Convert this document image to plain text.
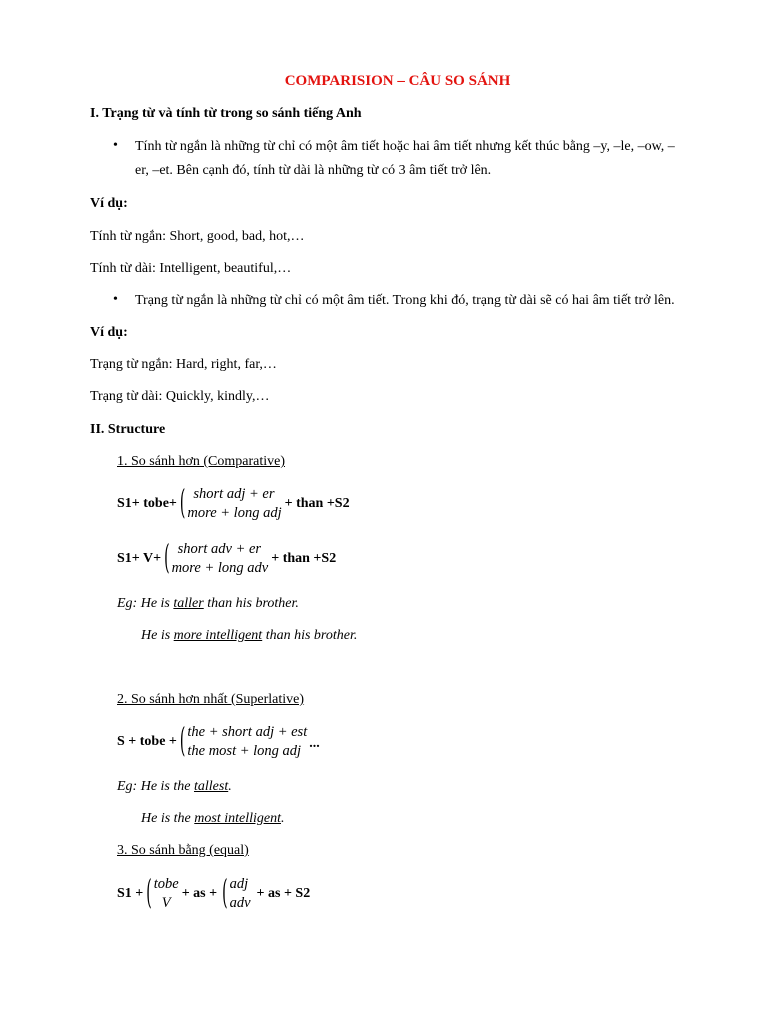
COMPARISION – CÂU SO SÁNH
I. Trạng từ và tính từ trong so sánh tiếng Anh
• Tính từ ngắn là những từ chỉ có một âm tiết hoặc hai âm tiết nhưng kết thúc bằng –y, –le, –ow, –
er, –et. Bên cạnh đó, tính từ dài là những từ có 3 âm tiết trở lên.
Ví dụ:
Tính từ ngắn: Short, good, bad, hot,…
Tính từ dài: Intelligent, beautiful,…
• Trạng từ ngắn là những từ chỉ có một âm tiết. Trong khi đó, trạng từ dài sẽ có hai âm tiết trở lên.
Ví dụ:
Trạng từ ngắn: Hard, right, far,…
Trạng từ dài: Quickly, kindly,…
II. Structure
1. So sánh hơn (Comparative)
S1+ tobe+ ( short adj + er
more + long adj
+ than +S2
S1+ V+ ( short adv + er
more + long adv
+ than +S2
Eg: He is taller than his brother.
He is more intelligent than his brother.
2. So sánh hơn nhất (Superlative)
S + tobe + ( the + short adj + est
the most + long adj ...
Eg: He is the tallest.
He is the most intelligent.
3. So sánh bằng (equal)
S1 + ( tobe
V
+ as + ( adj
adv
+ as + S2
